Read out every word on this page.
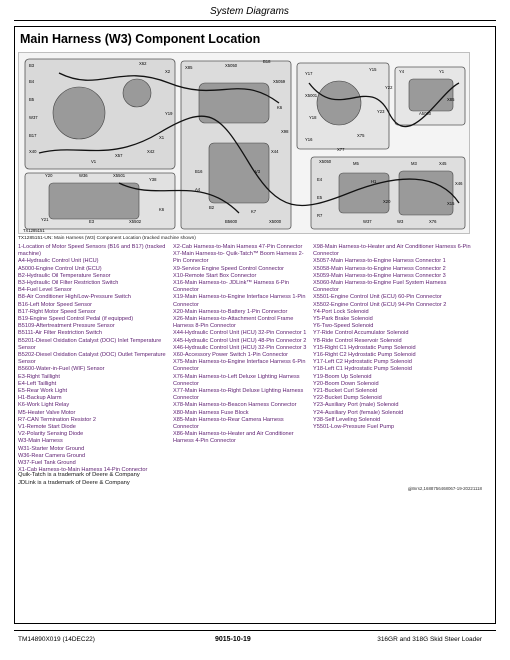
System Diagrams
Main Harness (W3) Component Location
B3
B4
B5
W37
B17
X40
V1
X57
X42
X1
Y19
X2
X62
X85	X5050
B18
X5059
K6
X98
X44
V3
B16
A4
B2
B5600	X5000
K7
Y17
X5001
Y18
Y16
Y15
Y22
Y23
X75
X77
Y4	Y1
X85
A5000
X5050
E4
E5
R7
M5
H1
X20
M3	X45
X46
X15
X76
W3
W37
Y20	W36	X5501
Y38
Y21	E3	X5502
K6
TX1285151
TX1285151-UN: Main Harness (W3) Component Location (tracked machine shown)
1-Location of Motor Speed Sensors (B16 and B17) (tracked machine)
A4-Hydraulic Control Unit (HCU)
A5000-Engine Control Unit (ECU)
B2-Hydraulic Oil Temperature Sensor
B3-Hydraulic Oil Filter Restriction Switch
B4-Fuel Level Sensor
B8-Air Conditioner High/Low-Pressure Switch
B16-Left Motor Speed Sensor
B17-Right Motor Speed Sensor
B19-Engine Speed Control Pedal (if equipped)
B5109-Aftertreatment Pressure Sensor
B5111-Air Filter Restriction Switch
B5201-Diesel Oxidation Catalyst (DOC) Inlet Temperature Sensor
B5202-Diesel Oxidation Catalyst (DOC) Outlet Temperature Sensor
B5600-Water-in-Fuel (WIF) Sensor
E3-Right Taillight
E4-Left Taillight
E5-Rear Work Light
H1-Backup Alarm
K6-Work Light Relay
M5-Heater Valve Motor
R7-CAN Termination Resistor 2
V1-Remote Start Diode
V2-Polarity Sensing Diode
W3-Main Harness
W31-Starter Motor Ground
W36-Rear Camera Ground
W37-Fuel Tank Ground
X1-Cab Harness-to-Main Harness 14-Pin Connector
X2-Cab Harness-to-Main Harness 47-Pin Connector
X7-Main Harness-to- Quik-Tatch™ Boom Harness 2-Pin Connector
X9-Service Engine Speed Control Connector
X10-Remote Start Box Connector
X16-Main Harness-to- JDLink™ Harness 6-Pin Connector
X19-Main Harness-to-Engine Interface Harness 1-Pin Connector
X20-Main Harness-to-Battery 1-Pin Connector
X26-Main Harness-to-Attachment Control Frame Harness 8-Pin Connector
X44-Hydraulic Control Unit (HCU) 32-Pin Connector 1
X45-Hydraulic Control Unit (HCU) 48-Pin Connector 2
X46-Hydraulic Control Unit (HCU) 32-Pin Connector 3
X60-Accessory Power Switch 1-Pin Connector
X75-Main Harness-to-Engine Interface Harness 6-Pin Connector
X76-Main Harness-to-Left Deluxe Lighting Harness Connector
X77-Main Harness-to-Right Deluxe Lighting Harness Connector
X78-Main Harness-to-Beacon Harness Connector
X80-Main Harness Fuse Block
X85-Main Harness-to-Rear Camera Harness Connector
X86-Main Harness-to-Heater and Air Conditioner Harness 4-Pin Connector
X98-Main Harness-to-Heater and Air Conditioner Harness 6-Pin Connector
X5057-Main Harness-to-Engine Harness Connector 1
X5058-Main Harness-to-Engine Harness Connector 2
X5059-Main Harness-to-Engine Harness Connector 3
X5060-Main Harness-to-Engine Fuel System Harness Connector
X5501-Engine Control Unit (ECU) 60-Pin Connector
X5502-Engine Control Unit (ECU) 94-Pin Connector 2
Y4-Port Lock Solenoid
Y5-Park Brake Solenoid
Y6-Two-Speed Solenoid
Y7-Ride Control Accumulator Solenoid
Y8-Ride Control Reservoir Solenoid
Y15-Right C1 Hydrostatic Pump Solenoid
Y16-Right C2 Hydrostatic Pump Solenoid
Y17-Left C2 Hydrostatic Pump Solenoid
Y18-Left C1 Hydrostatic Pump Solenoid
Y19-Boom Up Solenoid
Y20-Boom Down Solenoid
Y21-Bucket Curl Solenoid
Y22-Bucket Dump Solenoid
Y23-Auxiliary Port (male) Solenoid
Y24-Auxiliary Port (female) Solenoid
Y38-Self Leveling Solenoid
Y5501-Low-Pressure Fuel Pump
Quik-Tatch is a trademark of Deere & Company
JDLink is a trademark of Deere & Company
gj8nrs2,1688756468067-19-20221118
TM14890X019 (14DEC22)	9015-10-19	316GR and 318G Skid Steer Loader
